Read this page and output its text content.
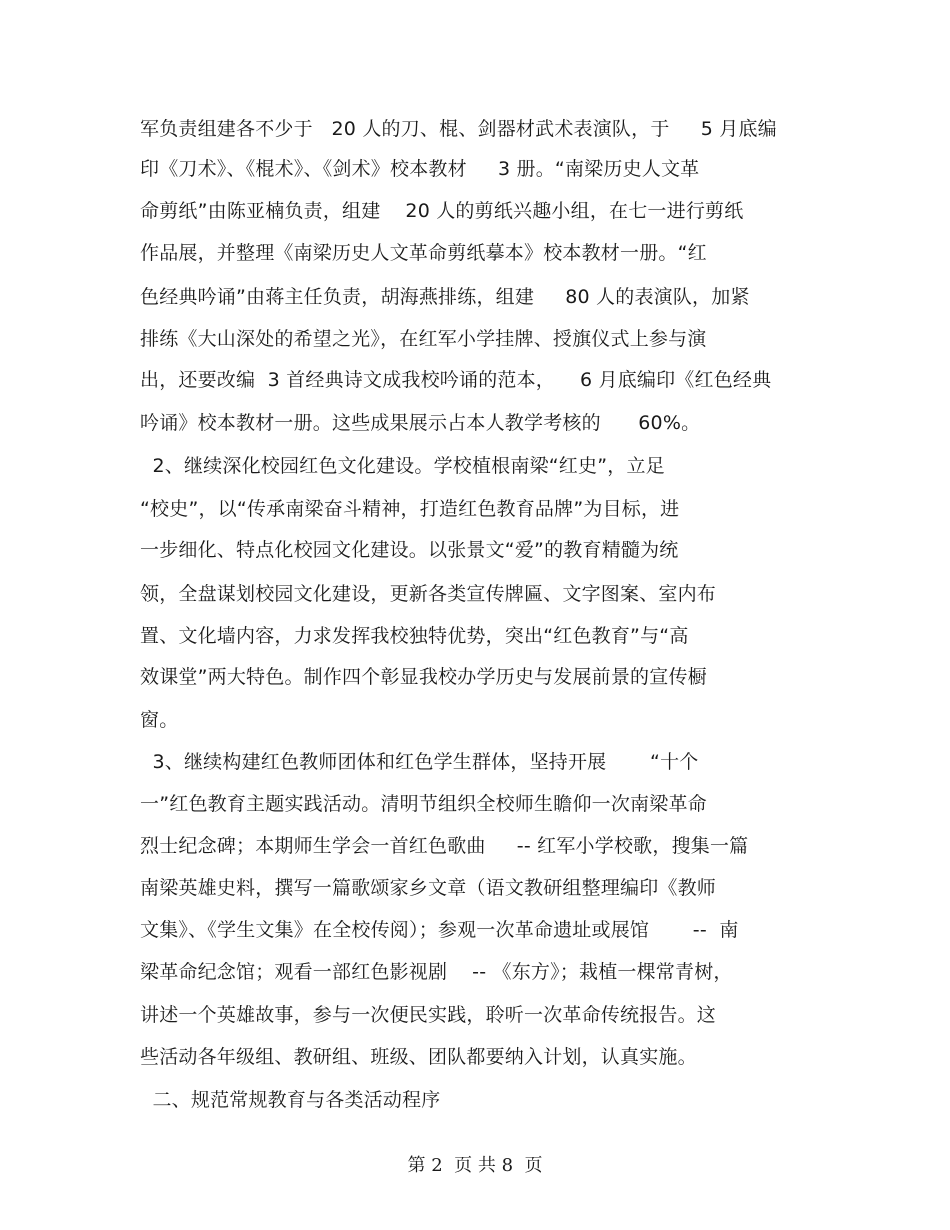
军负责组建各不少于   20 人的刀、棍、剑器材武术表演队，于     5 月底编
印《刀术》、《棍术》、《剑术》校本教材     3 册。“南梁历史人文革
命剪纸”由陈亚楠负责，组建    20 人的剪纸兴趣小组，在七一进行剪纸
作品展，并整理《南梁历史人文革命剪纸摹本》校本教材一册。“红
色经典吟诵”由蒋主任负责，胡海燕排练，组建     80 人的表演队，加紧
排练《大山深处的希望之光》，在红军小学挂牌、授旗仪式上参与演
出，还要改编  3 首经典诗文成我校吟诵的范本，    6 月底编印《红色经典
吟诵》校本教材一册。这些成果展示占本人教学考核的      60%。
2、继续深化校园红色文化建设。学校植根南梁“红史”，立足
“校史”，以“传承南梁奋斗精神，打造红色教育品牌”为目标，进
一步细化、特点化校园文化建设。以张景文“爱”的教育精髓为统
领，全盘谋划校园文化建设，更新各类宣传牌匾、文字图案、室内布
置、文化墙内容，力求发挥我校独特优势，突出“红色教育”与“高
效课堂”两大特色。制作四个彰显我校办学历史与发展前景的宣传橱
窗。
3、继续构建红色教师团体和红色学生群体，坚持开展       “十个
一”红色教育主题实践活动。清明节组织全校师生瞻仰一次南梁革命
烈士纪念碑；本期师生学会一首红色歌曲     -- 红军小学校歌，搜集一篇
南梁英雄史料，撰写一篇歌颂家乡文章（语文教研组整理编印《教师
文集》、《学生文集》在全校传阅）；参观一次革命遗址或展馆       --  南
梁革命纪念馆；观看一部红色影视剧    -- 《东方》；栽植一棵常青树，
讲述一个英雄故事，参与一次便民实践，聆听一次革命传统报告。这
些活动各年级组、教研组、班级、团队都要纳入计划，认真实施。
二、规范常规教育与各类活动程序
第 2  页 共 8  页
